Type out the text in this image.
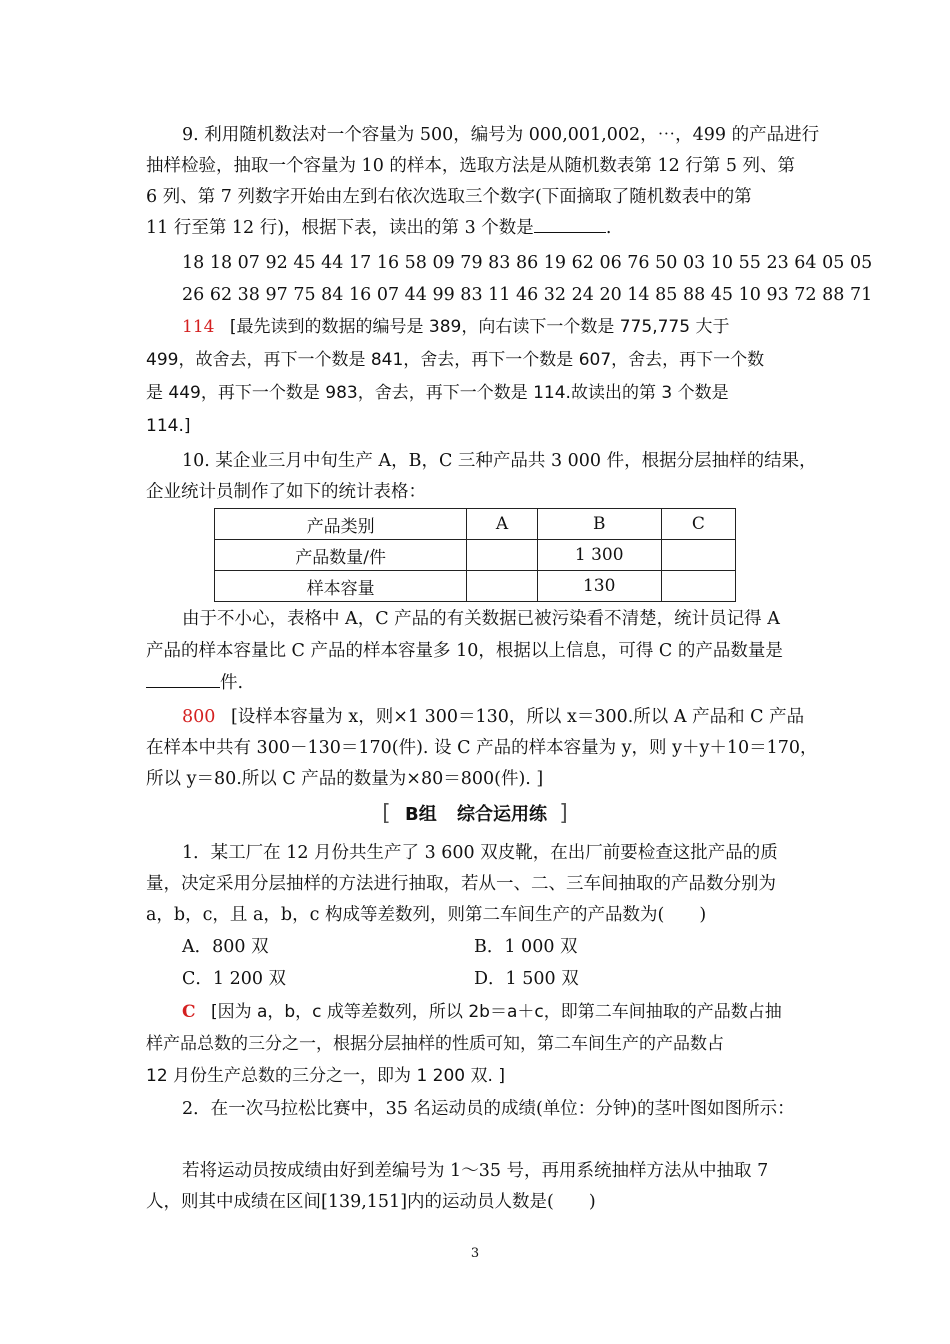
9. 利用随机数法对一个容量为 500，编号为 000,001,002，⋯，499 的产品进行
抽样检验，抽取一个容量为 10 的样本，选取方法是从随机数表第 12 行第 5 列、第
6 列、第 7 列数字开始由左到右依次选取三个数字(下面摘取了随机数表中的第
11 行至第 12 行)，根据下表，读出的第 3 个数是	.
18 18 07 92 45 44 17 16 58 09 79 83 86 19 62 06 76 50 03 10 55 23 64 05 05
26 62 38 97 75 84 16 07 44 99 83 11 46 32 24 20 14 85 88 45 10 93 72 88 71
114 [最先读到的数据的编号是 389，向右读下一个数是 775,775 大于
499，故舍去，再下一个数是 841，舍去，再下一个数是 607，舍去，再下一个数
是 449，再下一个数是 983，舍去，再下一个数是 114.故读出的第 3 个数是
114.]
10. 某企业三月中旬生产 A，B，C 三种产品共 3 000 件，根据分层抽样的结果，
企业统计员制作了如下的统计表格：
产品类别	A	B	C
产品数量/件		1 300	
样本容量		130	
由于不小心，表格中 A，C 产品的有关数据已被污染看不清楚，统计员记得 A
产品的样本容量比 C 产品的样本容量多 10，根据以上信息，可得 C 的产品数量是
件.
800 [设样本容量为 x，则×1 300＝130，所以 x＝300.所以 A 产品和 C 产品
在样本中共有 300－130＝170(件). 设 C 产品的样本容量为 y，则 y＋y＋10＝170，
所以 y＝80.所以 C 产品的数量为×80＝800(件). ]
[ B组 综合运用练 ]
1．某工厂在 12 月份共生产了 3 600 双皮靴，在出厂前要检查这批产品的质
量，决定采用分层抽样的方法进行抽取，若从一、二、三车间抽取的产品数分别为
a，b，c，且 a，b，c 构成等差数列，则第二车间生产的产品数为(　　)
A．800 双	B．1 000 双
C．1 200 双	D．1 500 双
C [因为 a，b，c 成等差数列，所以 2b＝a＋c，即第二车间抽取的产品数占抽
样产品总数的三分之一，根据分层抽样的性质可知，第二车间生产的产品数占
12 月份生产总数的三分之一，即为 1 200 双. ]
2．在一次马拉松比赛中，35 名运动员的成绩(单位：分钟)的茎叶图如图所示：
若将运动员按成绩由好到差编号为 1～35 号，再用系统抽样方法从中抽取 7
人，则其中成绩在区间[139,151]内的运动员人数是(　　)
3
